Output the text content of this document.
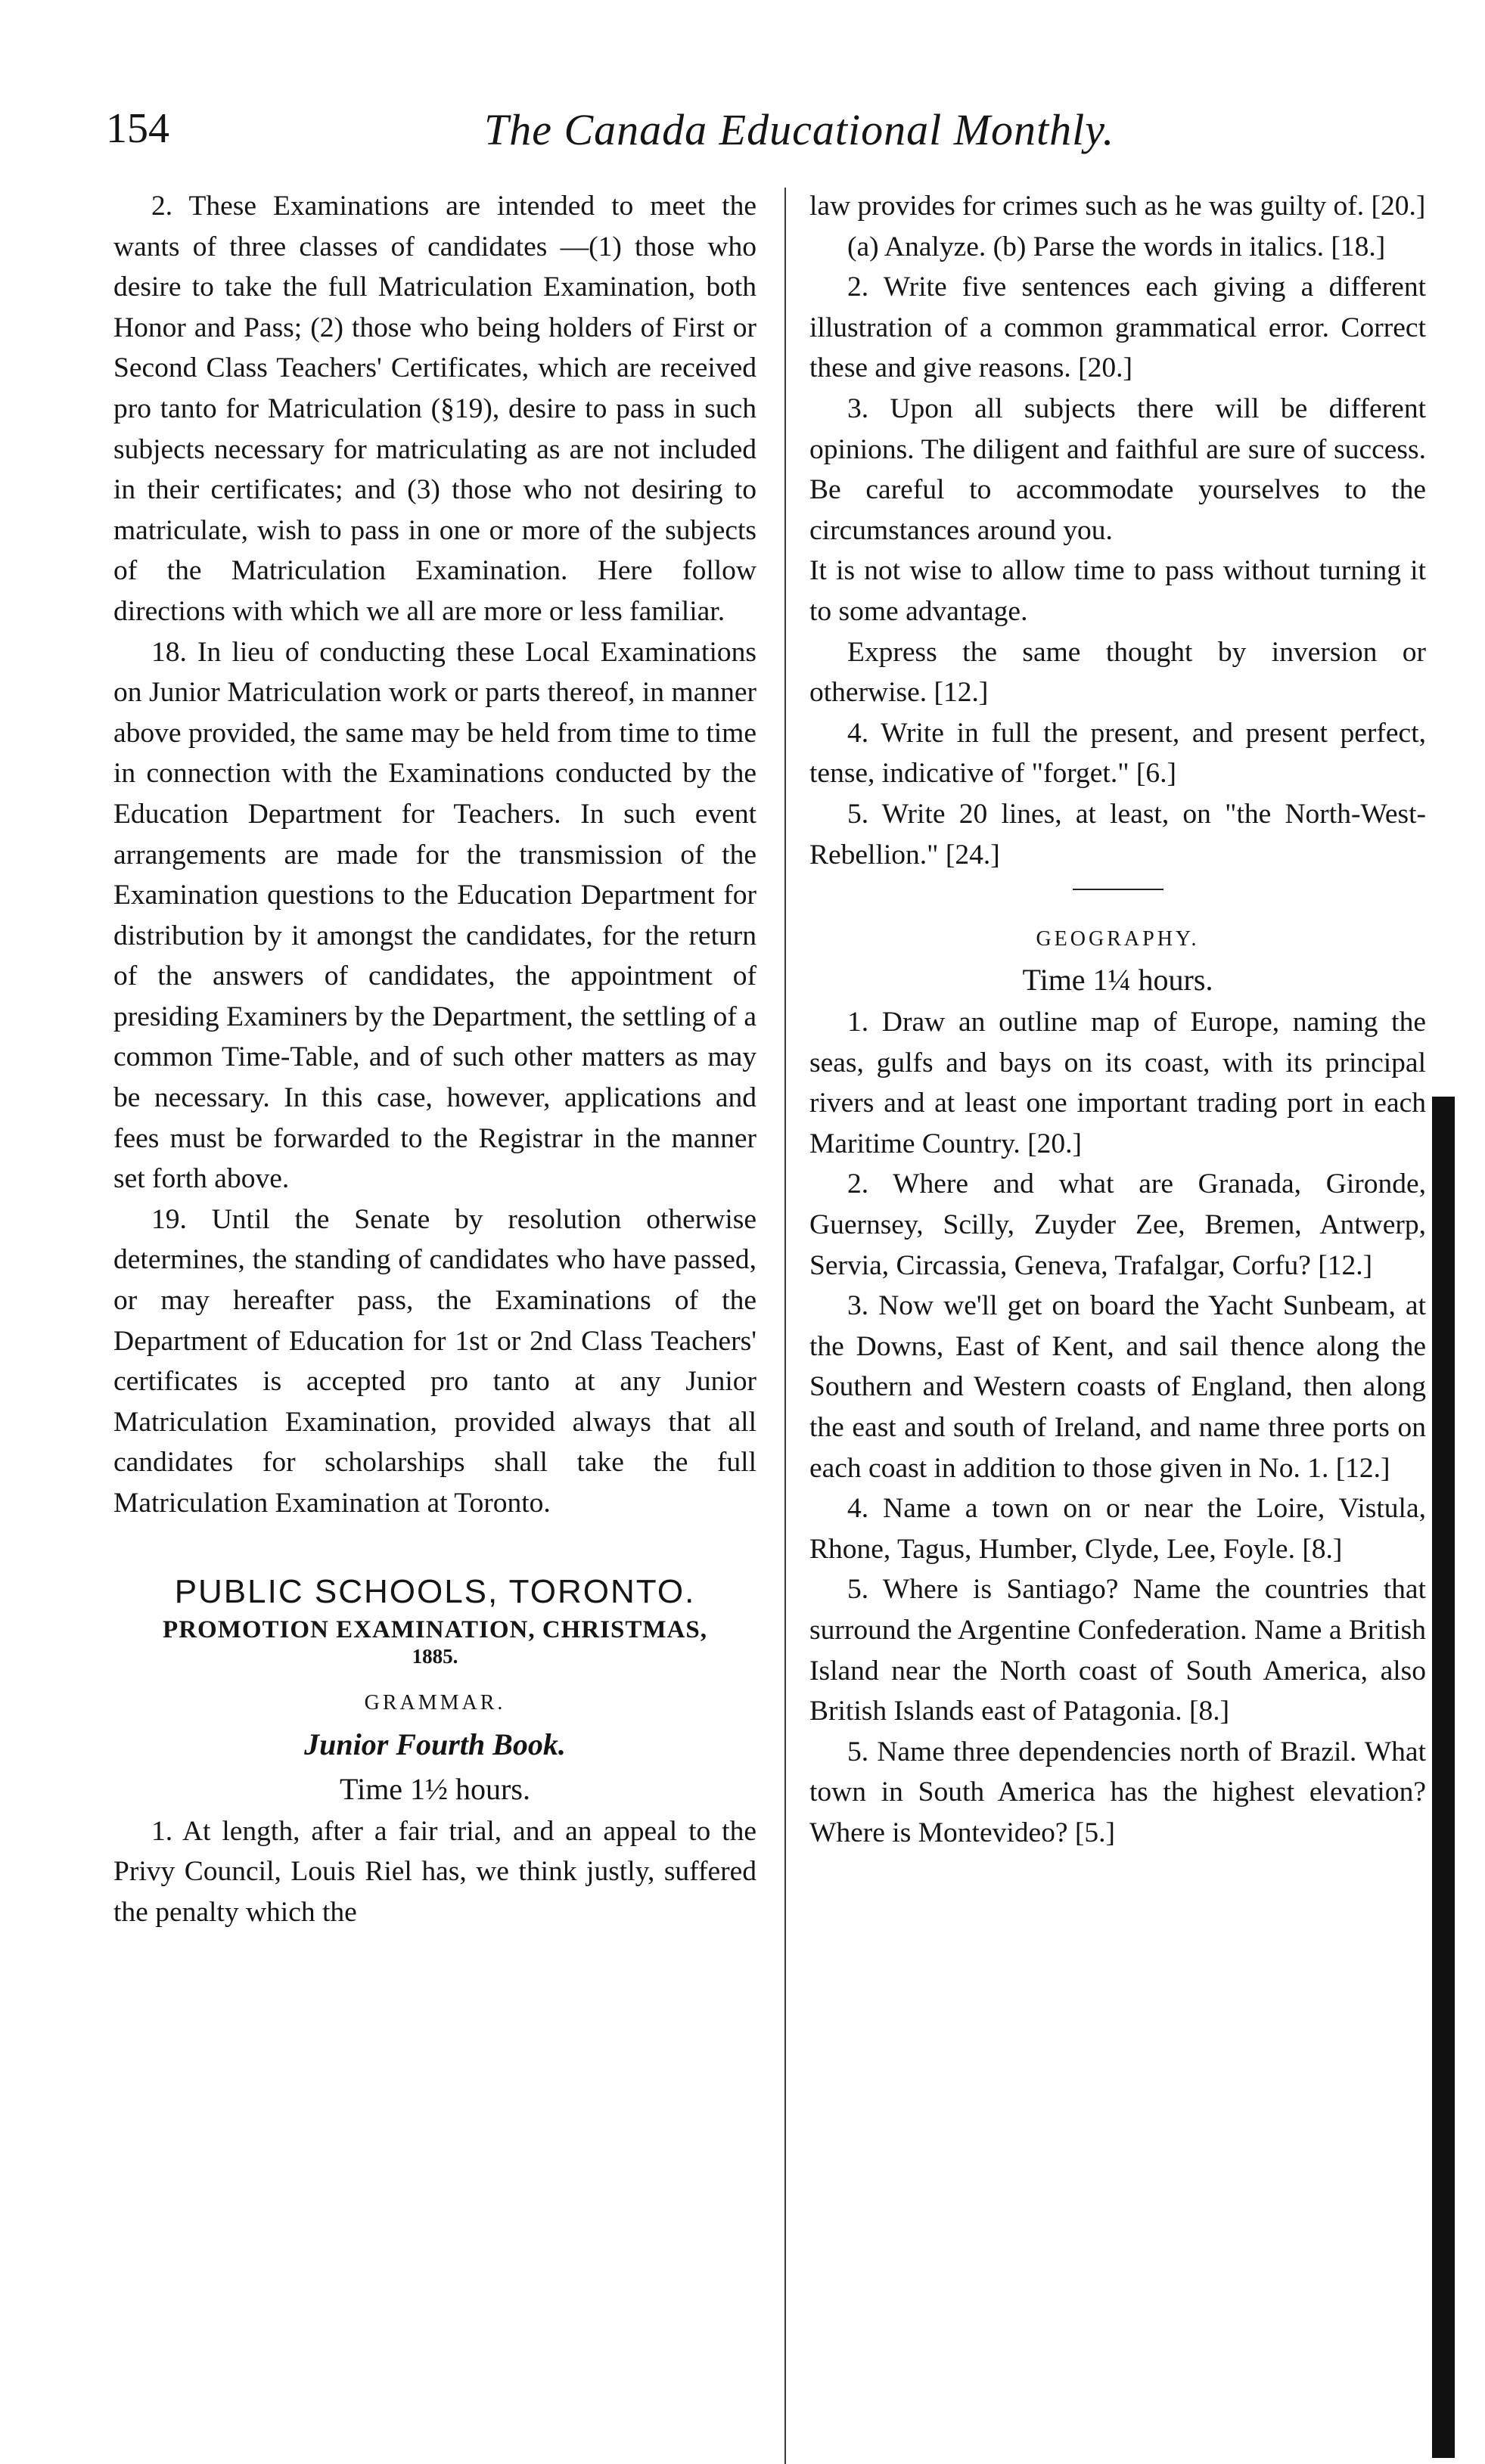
154	The Canada Educational Monthly.

2. These Examinations are intended to meet the wants of three classes of candidates —(1) those who desire to take the full Matriculation Examination, both Honor and Pass; (2) those who being holders of First or Second Class Teachers' Certificates, which are received pro tanto for Matriculation (§19), desire to pass in such subjects necessary for matriculating as are not included in their certificates; and (3) those who not desiring to matriculate, wish to pass in one or more of the subjects of the Matriculation Examination. Here follow directions with which we all are more or less familiar.

18. In lieu of conducting these Local Examinations on Junior Matriculation work or parts thereof, in manner above provided, the same may be held from time to time in connection with the Examinations conducted by the Education Department for Teachers. In such event arrangements are made for the transmission of the Examination questions to the Education Department for distribution by it amongst the candidates, for the return of the answers of candidates, the appointment of presiding Examiners by the Department, the settling of a common Time-Table, and of such other matters as may be necessary. In this case, however, applications and fees must be forwarded to the Registrar in the manner set forth above.

19. Until the Senate by resolution otherwise determines, the standing of candidates who have passed, or may hereafter pass, the Examinations of the Department of Education for 1st or 2nd Class Teachers' certificates is accepted pro tanto at any Junior Matriculation Examination, provided always that all candidates for scholarships shall take the full Matriculation Examination at Toronto.

PUBLIC SCHOOLS, TORONTO.
PROMOTION EXAMINATION, CHRISTMAS,
1885.
GRAMMAR.
Junior Fourth Book.
Time 1½ hours.

1. At length, after a fair trial, and an appeal to the Privy Council, Louis Riel has, we think justly, suffered the penalty which the

law provides for crimes such as he was guilty of. [20.]

(a) Analyze. (b) Parse the words in italics. [18.]

2. Write five sentences each giving a different illustration of a common grammatical error. Correct these and give reasons. [20.]

3. Upon all subjects there will be different opinions. The diligent and faithful are sure of success. Be careful to accommodate yourselves to the circumstances around you.

It is not wise to allow time to pass without turning it to some advantage.

Express the same thought by inversion or otherwise. [12.]

4. Write in full the present, and present perfect, tense, indicative of "forget." [6.]

5. Write 20 lines, at least, on "the North-West-Rebellion." [24.]

GEOGRAPHY.
Time 1¼ hours.

1. Draw an outline map of Europe, naming the seas, gulfs and bays on its coast, with its principal rivers and at least one important trading port in each Maritime Country. [20.]

2. Where and what are Granada, Gironde, Guernsey, Scilly, Zuyder Zee, Bremen, Antwerp, Servia, Circassia, Geneva, Trafalgar, Corfu? [12.]

3. Now we'll get on board the Yacht Sunbeam, at the Downs, East of Kent, and sail thence along the Southern and Western coasts of England, then along the east and south of Ireland, and name three ports on each coast in addition to those given in No. 1. [12.]

4. Name a town on or near the Loire, Vistula, Rhone, Tagus, Humber, Clyde, Lee, Foyle. [8.]

5. Where is Santiago? Name the countries that surround the Argentine Confederation. Name a British Island near the North coast of South America, also British Islands east of Patagonia. [8.]

5. Name three dependencies north of Brazil. What town in South America has the highest elevation? Where is Montevideo? [5.]
